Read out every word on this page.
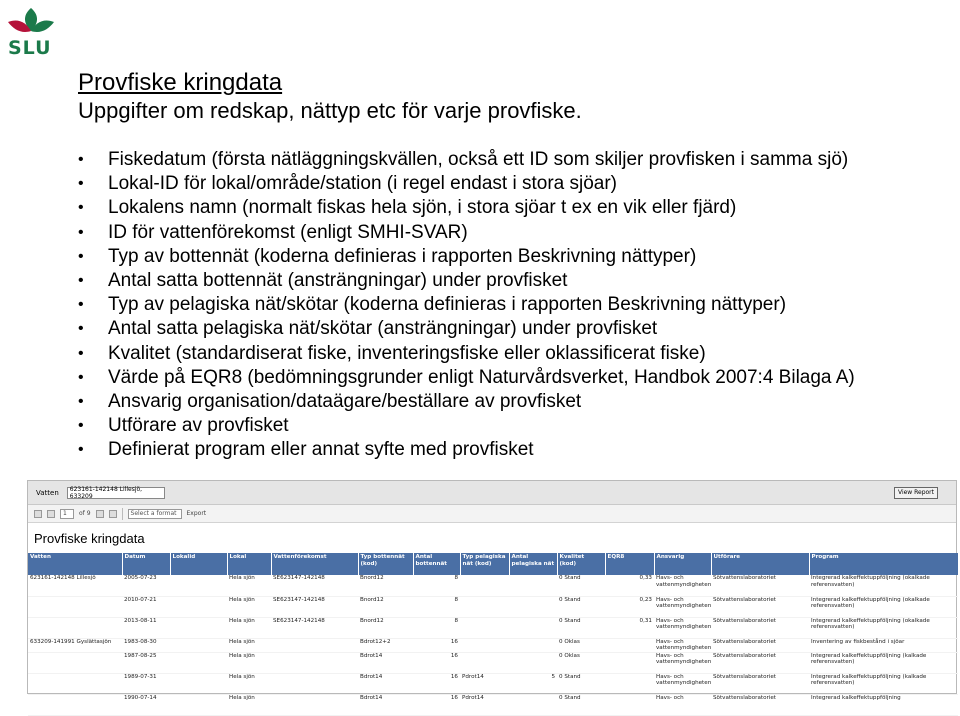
SLU
Provfiske kringdata
Uppgifter om redskap, nättyp etc för varje provfiske.
• Fiskedatum (första nätläggningskvällen, också ett ID som skiljer provfisken i samma sjö)
• Lokal-ID för lokal/område/station (i regel endast i stora sjöar)
• Lokalens namn (normalt fiskas hela sjön, i stora sjöar t ex en vik eller fjärd)
• ID för vattenförekomst (enligt SMHI-SVAR)
• Typ av bottennät (koderna definieras i rapporten Beskrivning nättyper)
• Antal satta bottennät (ansträngningar) under provfisket
• Typ av pelagiska nät/skötar (koderna definieras i rapporten Beskrivning nättyper)
• Antal satta pelagiska nät/skötar (ansträngningar) under provfisket
• Kvalitet (standardiserat fiske, inventeringsfiske eller oklassificerat fiske)
• Värde på EQR8 (bedömningsgrunder enligt Naturvårdsverket, Handbok 2007:4 Bilaga A)
• Ansvarig organisation/dataägare/beställare av provfisket
• Utförare av provfisket
• Definierat program eller annat syfte med provfisket
Vatten	623161-142148 Lillesjö, 633209	View Report
1	of 9	Select a format	Export
Provfiske kringdata
Vatten	Datum	Lokalid	Lokal	Vattenförekomst	Typ bottennät (kod)	Antal bottennät	Typ pelagiska nät (kod)	Antal pelagiska nät	Kvalitet (kod)	EQR8	Ansvarig	Utförare	Program
623161-142148 Lillesjö	2005-07-23		Hela sjön	SE623147-142148	Bnord12	8			0 Stand	0,33	Havs- och vattenmyndigheten	Sötvattenslaboratoriet	Integrerad kalkeffektuppföljning (okalkade referensvatten)
	2010-07-21		Hela sjön	SE623147-142148	Bnord12	8			0 Stand	0,23	Havs- och vattenmyndigheten	Sötvattenslaboratoriet	Integrerad kalkeffektuppföljning (okalkade referensvatten)
	2013-08-11		Hela sjön	SE623147-142148	Bnord12	8			0 Stand	0,31	Havs- och vattenmyndigheten	Sötvattenslaboratoriet	Integrerad kalkeffektuppföljning (okalkade referensvatten)
633209-141991 Gyslättasjön	1983-08-30		Hela sjön		Bdrot12+2	16			0 Oklas		Havs- och vattenmyndigheten	Sötvattenslaboratoriet	Inventering av fiskbestånd i sjöar
	1987-08-25		Hela sjön		Bdrot14	16			0 Oklas		Havs- och vattenmyndigheten	Sötvattenslaboratoriet	Integrerad kalkeffektuppföljning (kalkade referensvatten)
	1989-07-31		Hela sjön		Bdrot14	16	Pdrot14	5	0 Stand		Havs- och vattenmyndigheten	Sötvattenslaboratoriet	Integrerad kalkeffektuppföljning (kalkade referensvatten)
	1990-07-14		Hela sjön		Bdrot14	16	Pdrot14		0 Stand		Havs- och	Sötvattenslaboratoriet	Integrerad kalkeffektuppföljning
